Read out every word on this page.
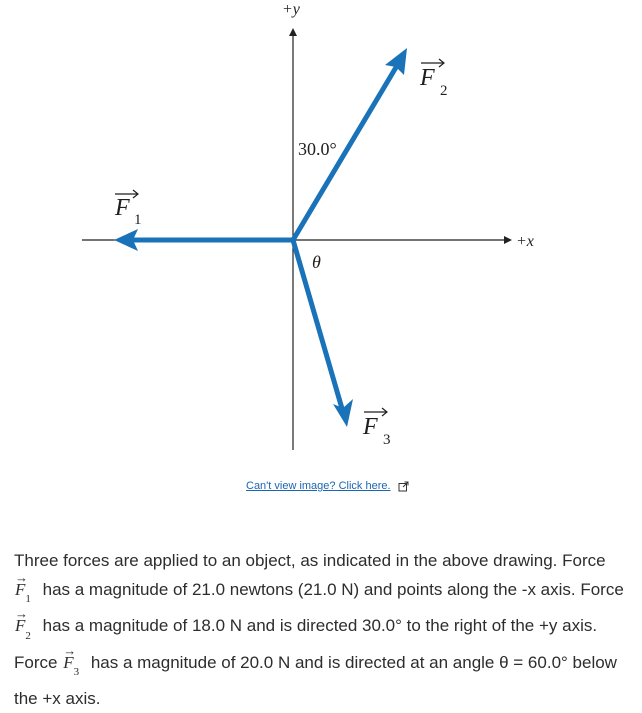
+y
+x
30.0°
θ
F 1
F 2
F 3
Can't view image? Click here.
Three forces are applied to an object, as indicated in the above drawing. Force
→
$F_1$ has a magnitude of 21.0 newtons (21.0 N) and points along the -x axis. Force
→
$F_2$ has a magnitude of 18.0 N and is directed 30.0° to the right of the +y axis. Force
→
$F_3$ has a magnitude of 20.0 N and is directed at an angle θ = 60.0° below the +x axis.
